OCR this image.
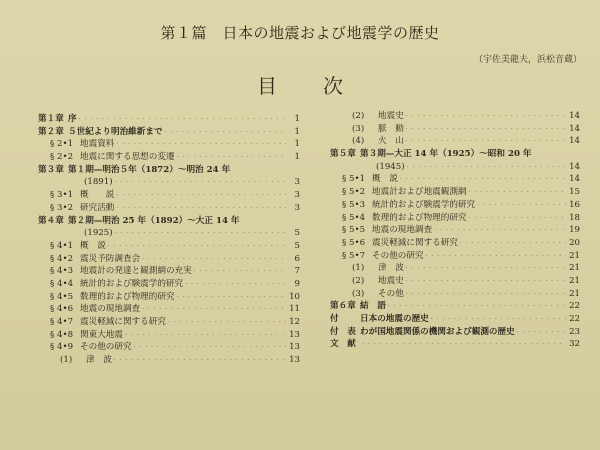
第１篇　日本の地震および地震学の歴史
（宇佐美龍夫，浜松音蔵）
目次
第１章 序 · · ·	1
第２章 ５世紀より明治維新まで · · ·	1
§ 2•1 地震資料 · · ·	1
§ 2•2 地震に関する思想の変遷 · · ·	1
第３章 第１期—明治５年（1872）～明治 24 年
(1891) · · ·	3
§ 3•1 概　　説 · · ·	3
§ 3•2 研究活動 · · ·	3
第４章 第２期—明治 25 年（1892）～大正 14 年
(1925) · · ·	5
§ 4•1 概　説 · · ·	5
§ 4•2 震災予防調査会 · · ·	6
§ 4•3 地震計の発達と観測網の充実 · · ·	7
§ 4•4 統計的および験震学的研究 · · ·	9
§ 4•5 数理的および物理的研究 · · ·	10
§ 4•6 地震の現地調査 · · ·	11
§ 4•7 震災軽減に関する研究 · · ·	12
§ 4•8 関東大地震 · · ·	13
§ 4•9 その他の研究 · · ·	13
(1)	津　波 · · ·	13
(2)	地震史 · · ·	14
(3)	脈　動 · · ·	14
(4)	火　山 · · ·	14
第５章 第３期—大正 14 年（1925）～昭和 20 年
(1945) · · ·	14
§ 5•1 概　説 · · ·	14
§ 5•2 地震計および地震観測網 · · ·	15
§ 5•3 統計的および験震学的研究 · · ·	16
§ 5•4 数理的および物理的研究 · · ·	18
§ 5•5 地震の現地調査 · · ·	19
§ 5•6 震災軽減に関する研究 · · ·	20
§ 5•7 その他の研究 · · ·	21
(1)	津　波 · · ·	21
(2)	地震史 · · ·	21
(3)	その他 · · ·	21
第６章 結　語 · · ·	22
付	日本の地震の歴史 · · ·	22
付　表 わが国地震関係の機関および観測の歴史 · · ·	23
文　献 · · ·	32
